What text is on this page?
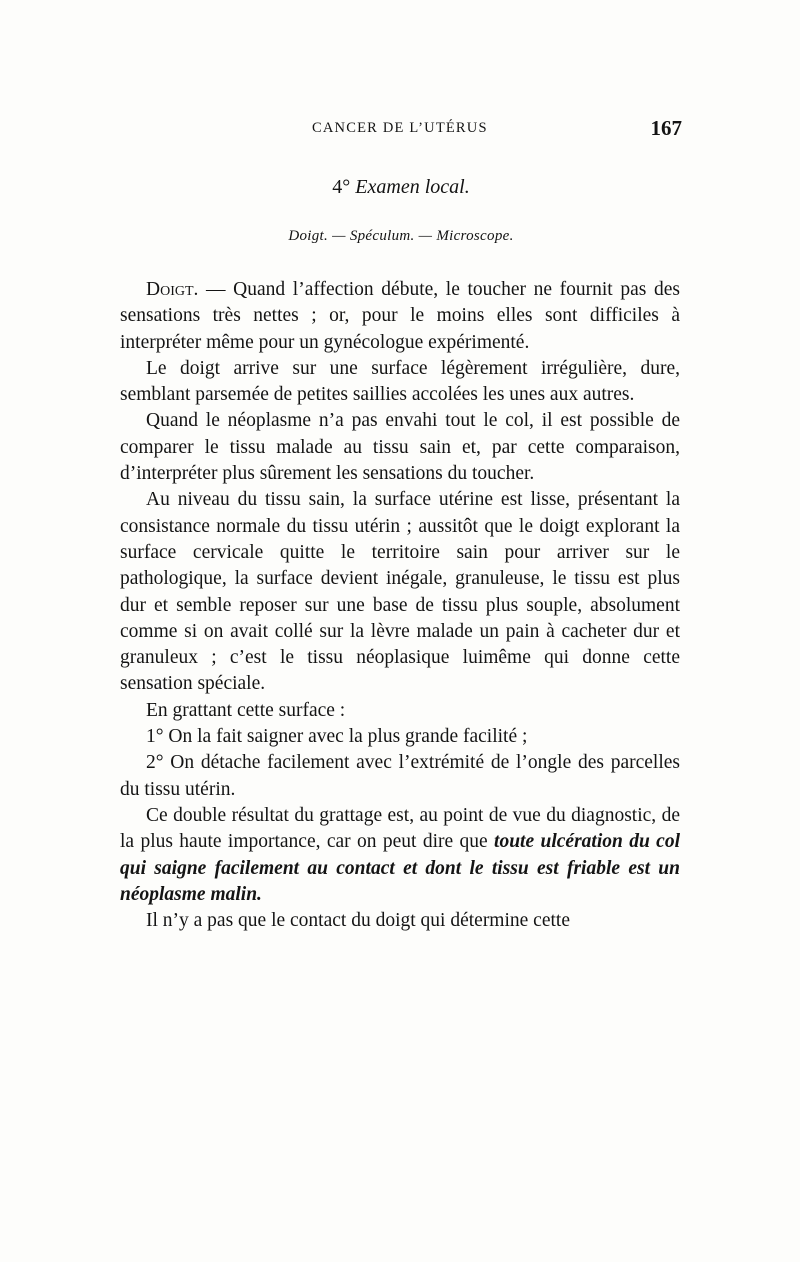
CANCER DE L’UTÉRUS	167
4° Examen local.
Doigt. — Spéculum. — Microscope.

Doigt. — Quand l’affection débute, le toucher ne fournit pas des sensations très nettes ; or, pour le moins elles sont difficiles à interpréter même pour un gynécologue expérimenté.

Le doigt arrive sur une surface légèrement irrégulière, dure, semblant parsemée de petites saillies accolées les unes aux autres.

Quand le néoplasme n’a pas envahi tout le col, il est possible de comparer le tissu malade au tissu sain et, par cette comparaison, d’interpréter plus sûrement les sensations du toucher.

Au niveau du tissu sain, la surface utérine est lisse, présentant la consistance normale du tissu utérin ; aussitôt que le doigt explorant la surface cervicale quitte le territoire sain pour arriver sur le pathologique, la surface devient inégale, granuleuse, le tissu est plus dur et semble reposer sur une base de tissu plus souple, absolument comme si on avait collé sur la lèvre malade un pain à cacheter dur et granuleux ; c’est le tissu néoplasique luimême qui donne cette sensation spéciale.

En grattant cette surface :

1° On la fait saigner avec la plus grande facilité ;

2° On détache facilement avec l’extrémité de l’ongle des parcelles du tissu utérin.

Ce double résultat du grattage est, au point de vue du diagnostic, de la plus haute importance, car on peut dire que toute ulcération du col qui saigne facilement au contact et dont le tissu est friable est un néoplasme malin.

Il n’y a pas que le contact du doigt qui détermine cette
